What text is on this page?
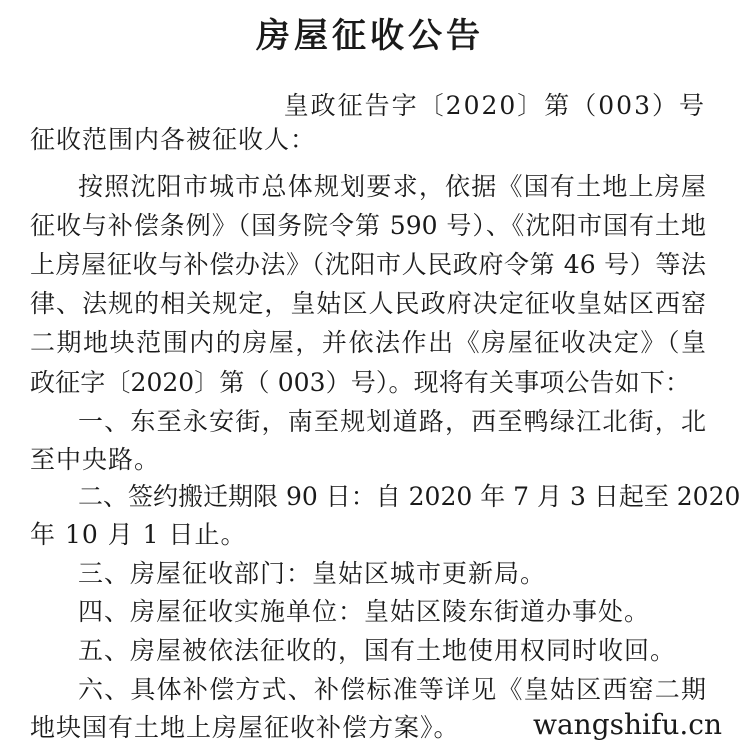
房屋征收公告
皇政征告字〔2020〕第（003）号
征收范围内各被征收人：
按照沈阳市城市总体规划要求，依据《国有土地上房屋
征收与补偿条例》（国务院令第 590 号）、《沈阳市国有土地
上房屋征收与补偿办法》（沈阳市人民政府令第 46 号）等法
律、法规的相关规定，皇姑区人民政府决定征收皇姑区西窑
二期地块范围内的房屋，并依法作出《房屋征收决定》（皇
政征字〔2020〕第（ 003）号）。现将有关事项公告如下：
一、东至永安街，南至规划道路，西至鸭绿江北街，北
至中央路。
二、签约搬迁期限 90 日：自 2020 年 7 月 3 日起至 2020
年 10 月 1 日止。
三、房屋征收部门：皇姑区城市更新局。
四、房屋征收实施单位：皇姑区陵东街道办事处。
五、房屋被依法征收的，国有土地使用权同时收回。
六、具体补偿方式、补偿标准等详见《皇姑区西窑二期
地块国有土地上房屋征收补偿方案》。	wangshifu.cn
